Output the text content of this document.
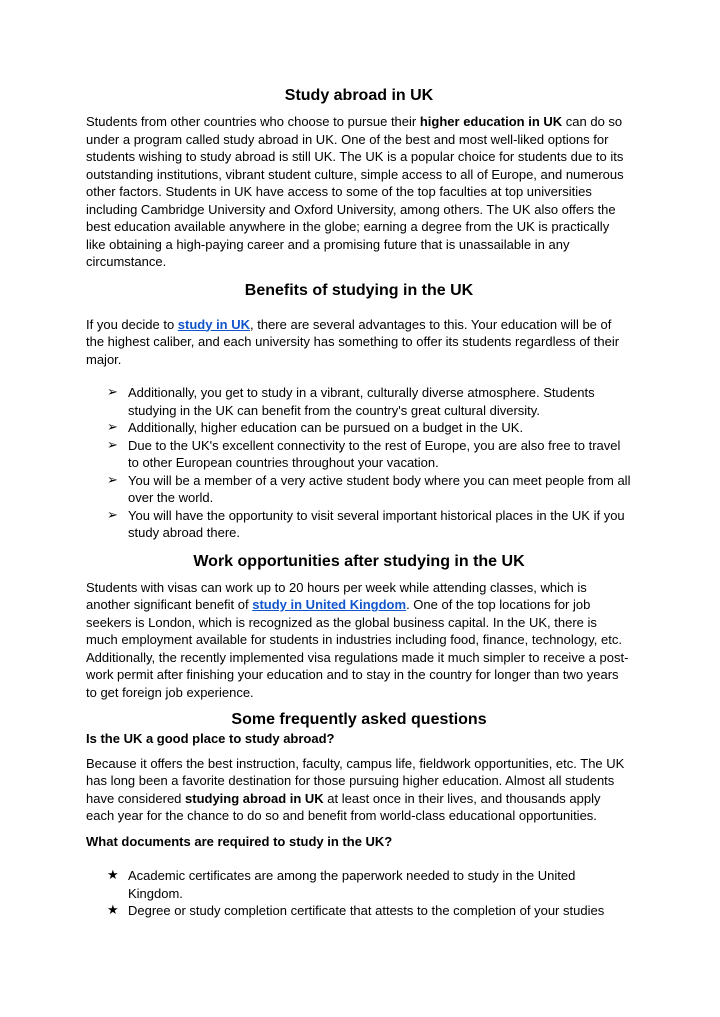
Study abroad in UK

Students from other countries who choose to pursue their higher education in UK can do so under a program called study abroad in UK. One of the best and most well-liked options for students wishing to study abroad is still UK. The UK is a popular choice for students due to its outstanding institutions, vibrant student culture, simple access to all of Europe, and numerous other factors. Students in UK have access to some of the top faculties at top universities including Cambridge University and Oxford University, among others. The UK also offers the best education available anywhere in the globe; earning a degree from the UK is practically like obtaining a high-paying career and a promising future that is unassailable in any circumstance.

Benefits of studying in the UK

If you decide to study in UK, there are several advantages to this. Your education will be of the highest caliber, and each university has something to offer its students regardless of their major.

➢ Additionally, you get to study in a vibrant, culturally diverse atmosphere. Students studying in the UK can benefit from the country's great cultural diversity.
➢ Additionally, higher education can be pursued on a budget in the UK.
➢ Due to the UK's excellent connectivity to the rest of Europe, you are also free to travel to other European countries throughout your vacation.
➢ You will be a member of a very active student body where you can meet people from all over the world.
➢ You will have the opportunity to visit several important historical places in the UK if you study abroad there.
Work opportunities after studying in the UK

Students with visas can work up to 20 hours per week while attending classes, which is another significant benefit of study in United Kingdom. One of the top locations for job seekers is London, which is recognized as the global business capital. In the UK, there is much employment available for students in industries including food, finance, technology, etc. Additionally, the recently implemented visa regulations made it much simpler to receive a post-work permit after finishing your education and to stay in the country for longer than two years to get foreign job experience.

Some frequently asked questions

Is the UK a good place to study abroad?

Because it offers the best instruction, faculty, campus life, fieldwork opportunities, etc. The UK has long been a favorite destination for those pursuing higher education. Almost all students have considered studying abroad in UK at least once in their lives, and thousands apply each year for the chance to do so and benefit from world-class educational opportunities.

What documents are required to study in the UK?

★ Academic certificates are among the paperwork needed to study in the United Kingdom.
★ Degree or study completion certificate that attests to the completion of your studies
